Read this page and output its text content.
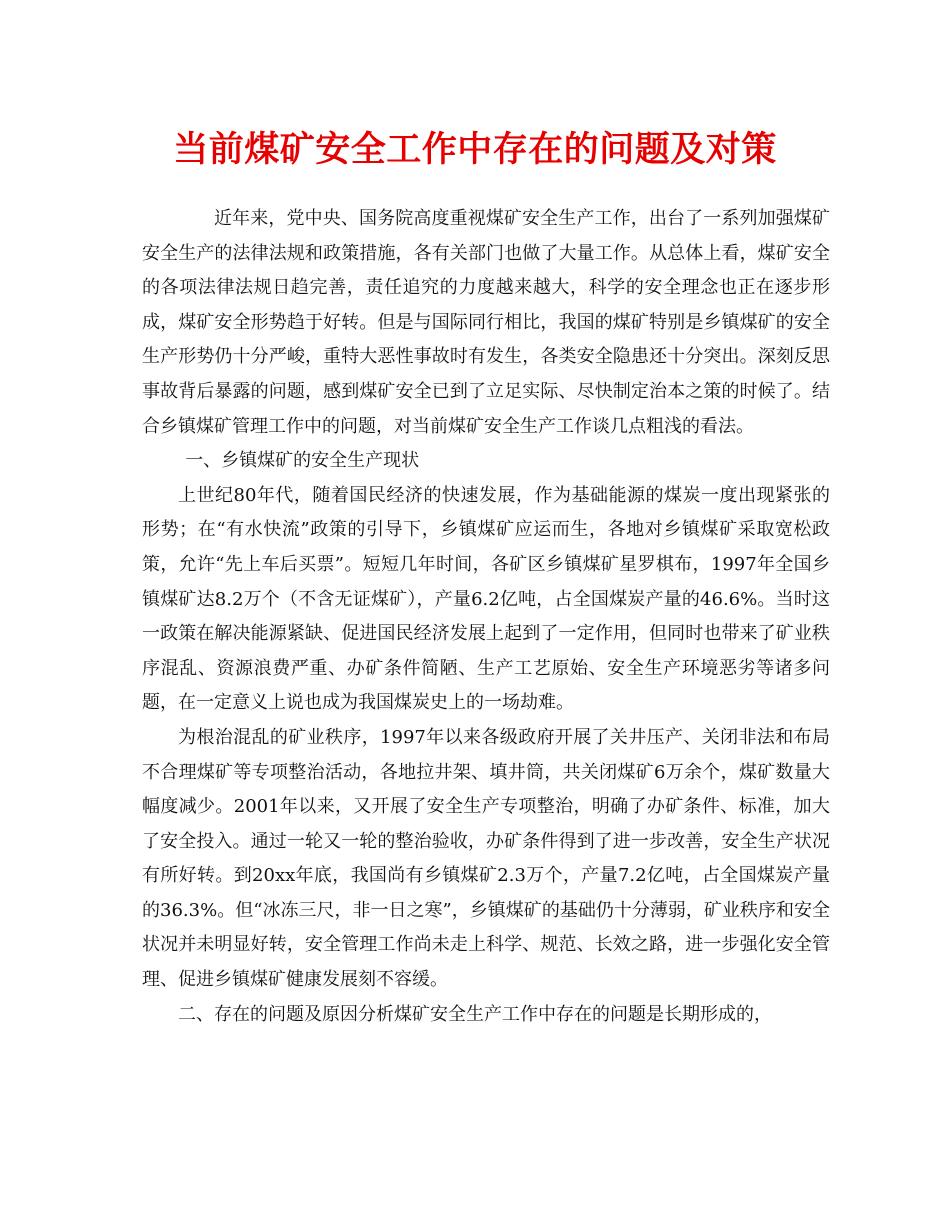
当前煤矿安全工作中存在的问题及对策

近年来，党中央、国务院高度重视煤矿安全生产工作，出台了一系列加强煤矿安全生产的法律法规和政策措施，各有关部门也做了大量工作。从总体上看，煤矿安全的各项法律法规日趋完善，责任追究的力度越来越大，科学的安全理念也正在逐步形成，煤矿安全形势趋于好转。但是与国际同行相比，我国的煤矿特别是乡镇煤矿的安全生产形势仍十分严峻，重特大恶性事故时有发生，各类安全隐患还十分突出。深刻反思事故背后暴露的问题，感到煤矿安全已到了立足实际、尽快制定治本之策的时候了。结合乡镇煤矿管理工作中的问题，对当前煤矿安全生产工作谈几点粗浅的看法。

一、乡镇煤矿的安全生产现状

上世纪80年代，随着国民经济的快速发展，作为基础能源的煤炭一度出现紧张的形势；在“有水快流”政策的引导下，乡镇煤矿应运而生，各地对乡镇煤矿采取宽松政策，允许“先上车后买票”。短短几年时间，各矿区乡镇煤矿星罗棋布，1997年全国乡镇煤矿达8.2万个（不含无证煤矿），产量6.2亿吨，占全国煤炭产量的46.6%。当时这一政策在解决能源紧缺、促进国民经济发展上起到了一定作用，但同时也带来了矿业秩序混乱、资源浪费严重、办矿条件简陋、生产工艺原始、安全生产环境恶劣等诸多问题，在一定意义上说也成为我国煤炭史上的一场劫难。

为根治混乱的矿业秩序，1997年以来各级政府开展了关井压产、关闭非法和布局不合理煤矿等专项整治活动，各地拉井架、填井筒，共关闭煤矿6万余个，煤矿数量大幅度减少。2001年以来，又开展了安全生产专项整治，明确了办矿条件、标准，加大了安全投入。通过一轮又一轮的整治验收，办矿条件得到了进一步改善，安全生产状况有所好转。到20xx年底，我国尚有乡镇煤矿2.3万个，产量7.2亿吨，占全国煤炭产量的36.3%。但“冰冻三尺，非一日之寒”，乡镇煤矿的基础仍十分薄弱，矿业秩序和安全状况并未明显好转，安全管理工作尚未走上科学、规范、长效之路，进一步强化安全管理、促进乡镇煤矿健康发展刻不容缓。

二、存在的问题及原因分析煤矿安全生产工作中存在的问题是长期形成的，
